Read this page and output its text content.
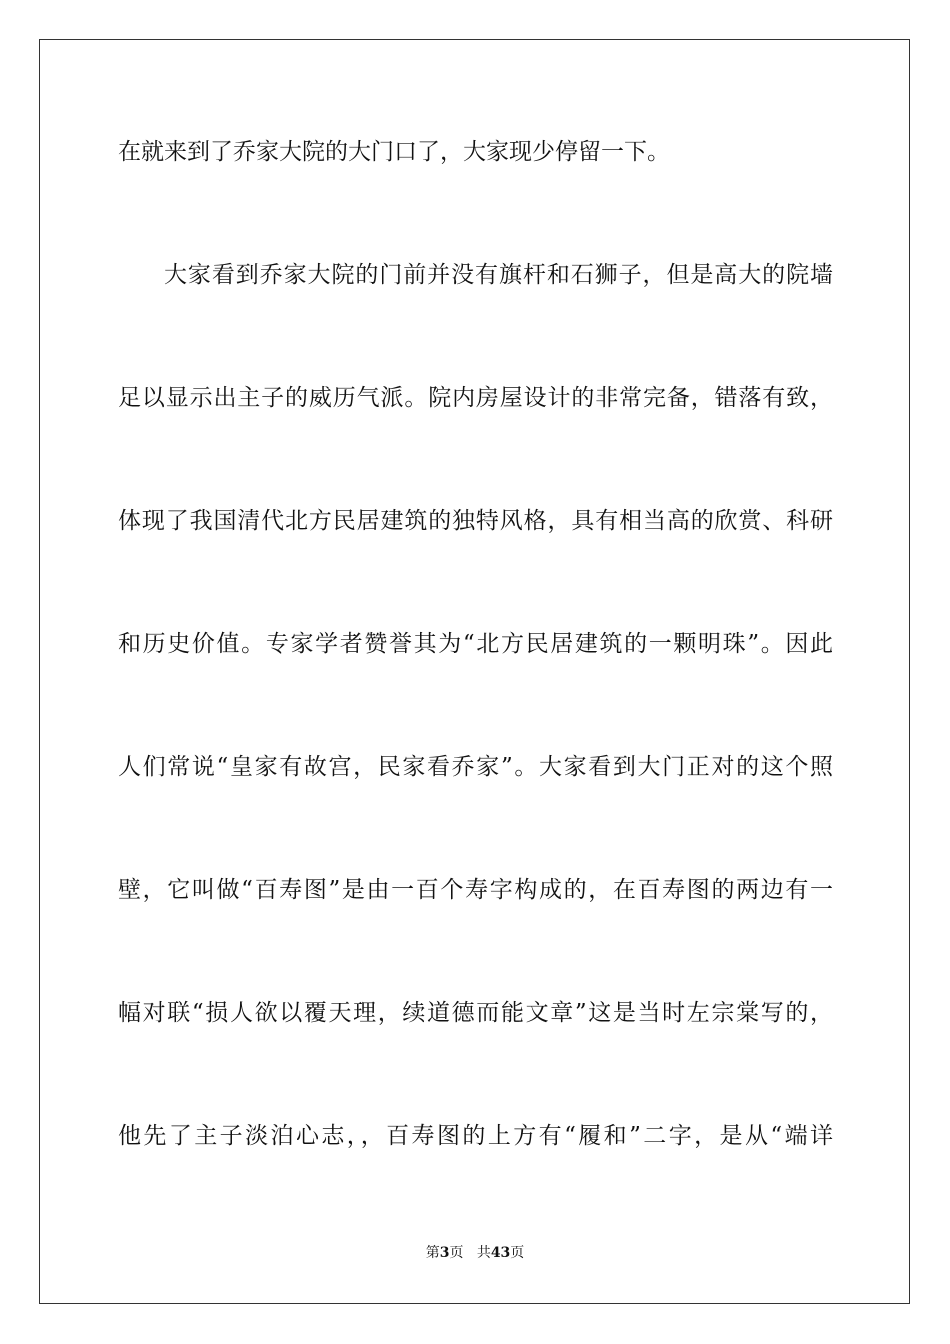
在就来到了乔家大院的大门口了，大家现少停留一下。
大家看到乔家大院的门前并没有旗杆和石狮子，但是高大的院墙
足以显示出主子的威历气派。院内房屋设计的非常完备，错落有致，
体现了我国清代北方民居建筑的独特风格，具有相当高的欣赏、科研
和历史价值。专家学者赞誉其为“北方民居建筑的一颗明珠”。因此
人们常说“皇家有故宫，民家看乔家”。大家看到大门正对的这个照
壁，它叫做“百寿图”是由一百个寿字构成的，在百寿图的两边有一
幅对联“损人欲以覆天理，续道德而能文章”这是当时左宗棠写的，
他先了主子淡泊心志，，百寿图的上方有“履和”二字，是从“端详
第3页 共43页
